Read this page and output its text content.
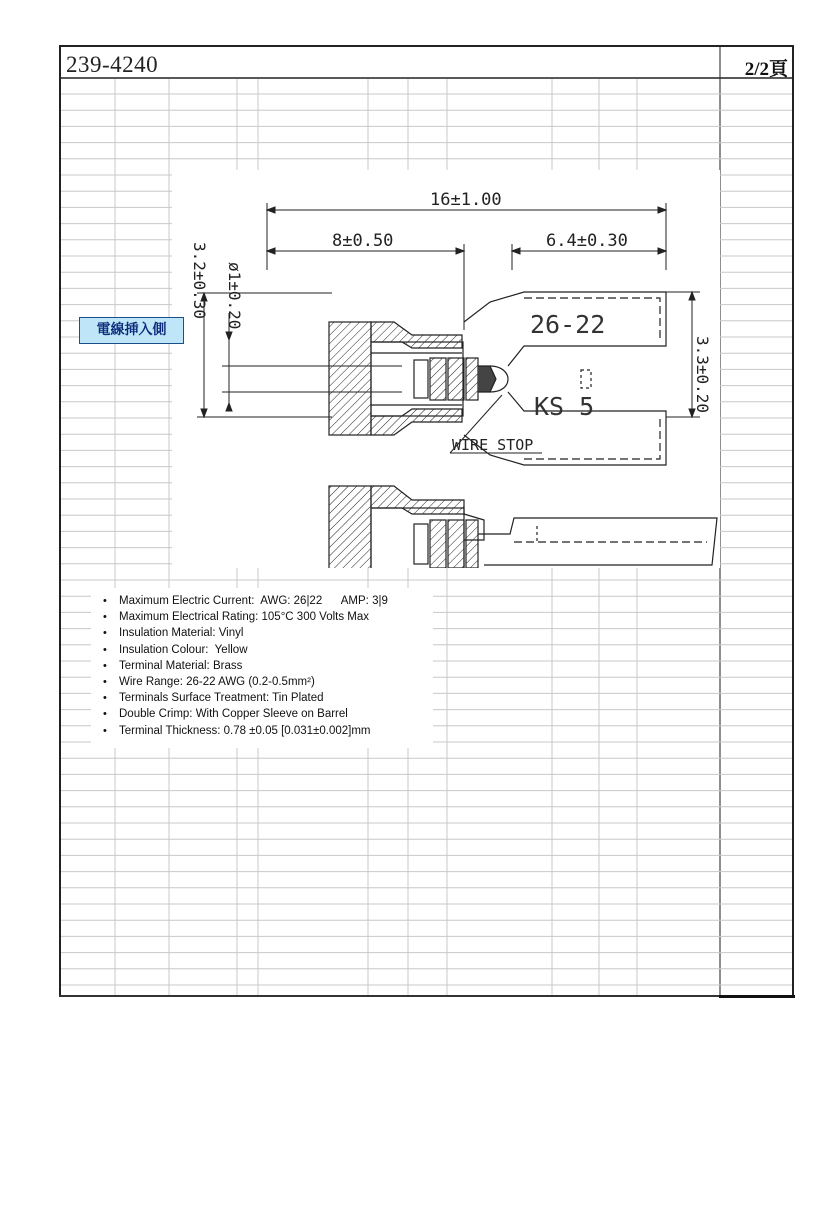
239-4240	2/2頁
16±1.00
8±0.50	6.4±0.30
3.2±0.30 ø1±0.20	26-22
KS 5	3.3±0.20
WIRE STOP
• Maximum Electric Current:  AWG: 26|22      AMP: 3|9
• Maximum Electrical Rating: 105°C 300 Volts Max
• Insulation Material: Vinyl
• Insulation Colour:  Yellow
• Terminal Material: Brass
• Wire Range: 26-22 AWG (0.2-0.5mm²)
• Terminals Surface Treatment: Tin Plated
• Double Crimp: With Copper Sleeve on Barrel
• Terminal Thickness: 0.78 ±0.05 [0.031±0.002]mm
電線挿入側
